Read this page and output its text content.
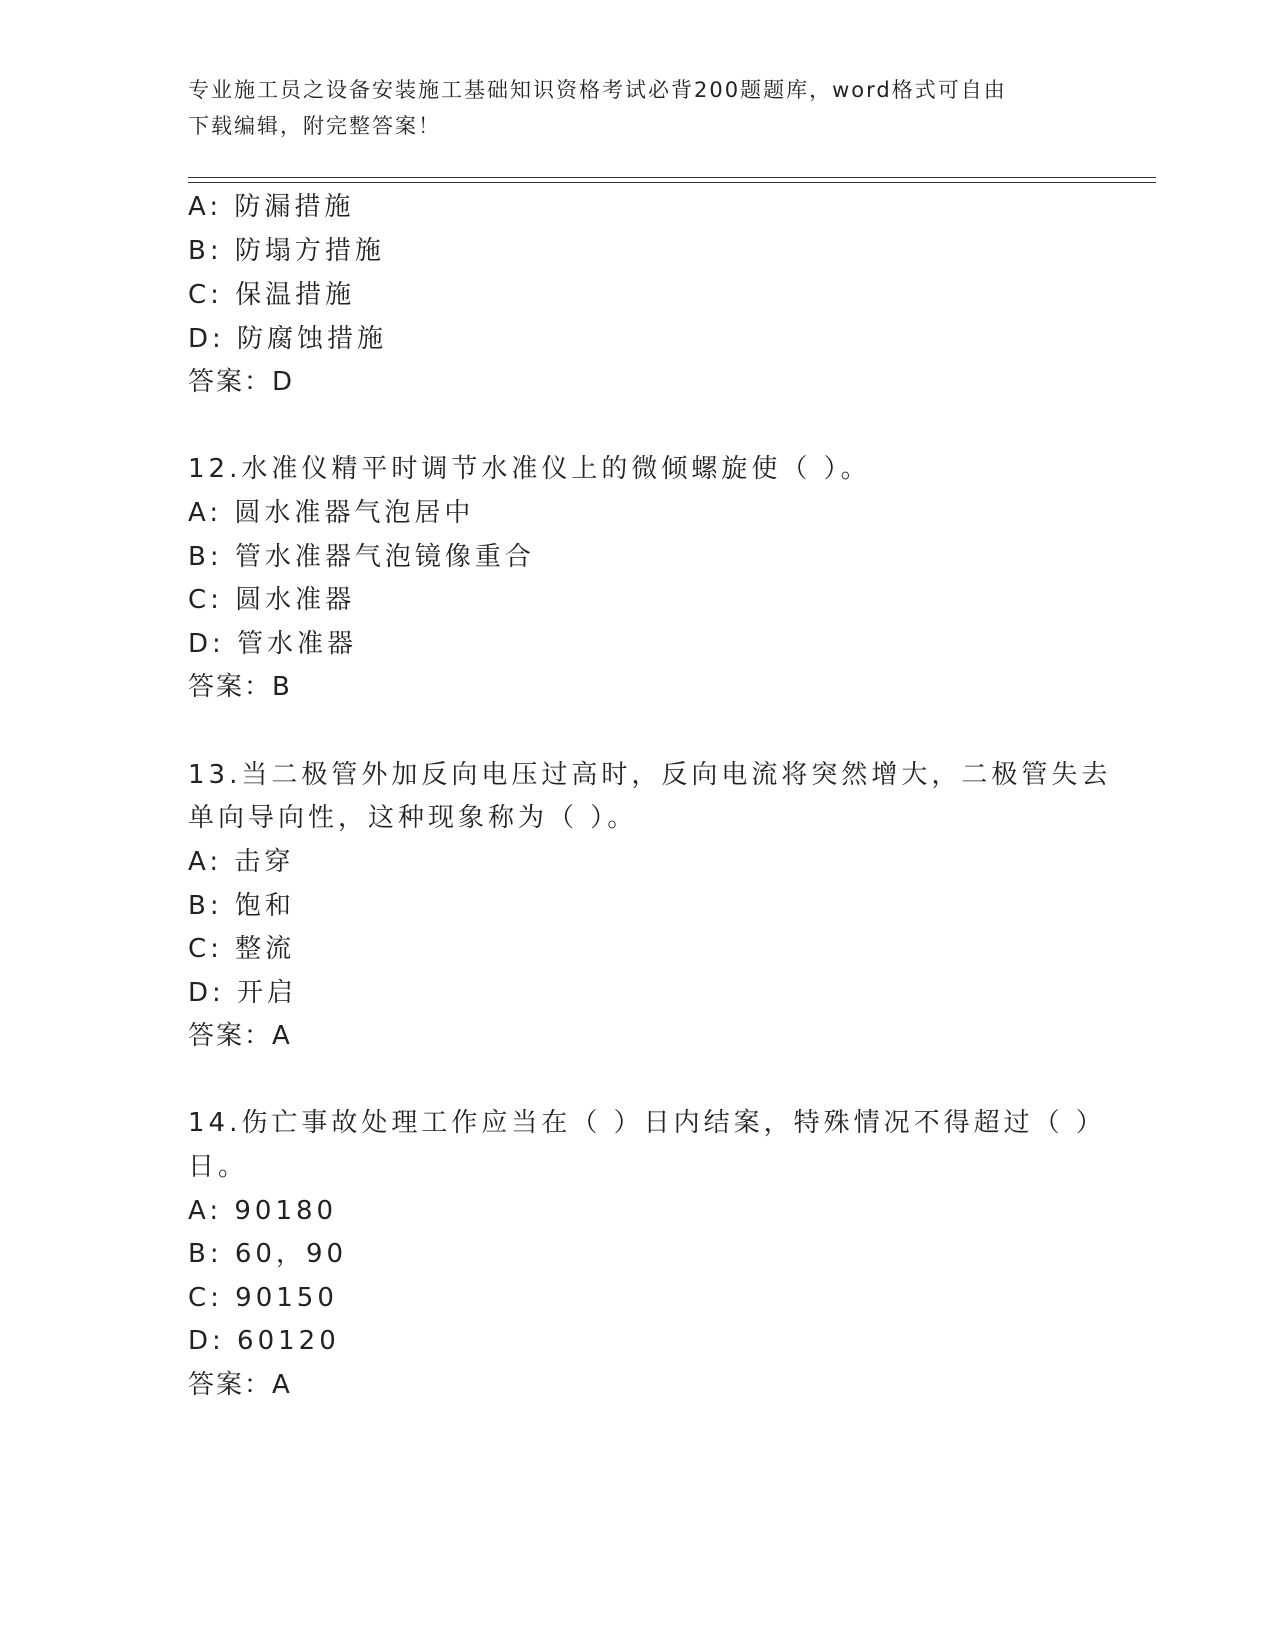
专业施工员之设备安装施工基础知识资格考试必背200题题库，word格式可自由
下载编辑，附完整答案！
A: 防漏措施
B: 防塌方措施
C: 保温措施
D: 防腐蚀措施
答案：D
12.水准仪精平时调节水准仪上的微倾螺旋使（ ）。
A: 圆水准器气泡居中
B: 管水准器气泡镜像重合
C: 圆水准器
D: 管水准器
答案：B
13.当二极管外加反向电压过高时，反向电流将突然增大，二极管失去
单向导向性，这种现象称为（ ）。
A: 击穿
B: 饱和
C: 整流
D: 开启
答案：A
14.伤亡事故处理工作应当在（ ）日内结案，特殊情况不得超过（ ）
日。
A: 90180
B: 60，90
C: 90150
D: 60120
答案：A
